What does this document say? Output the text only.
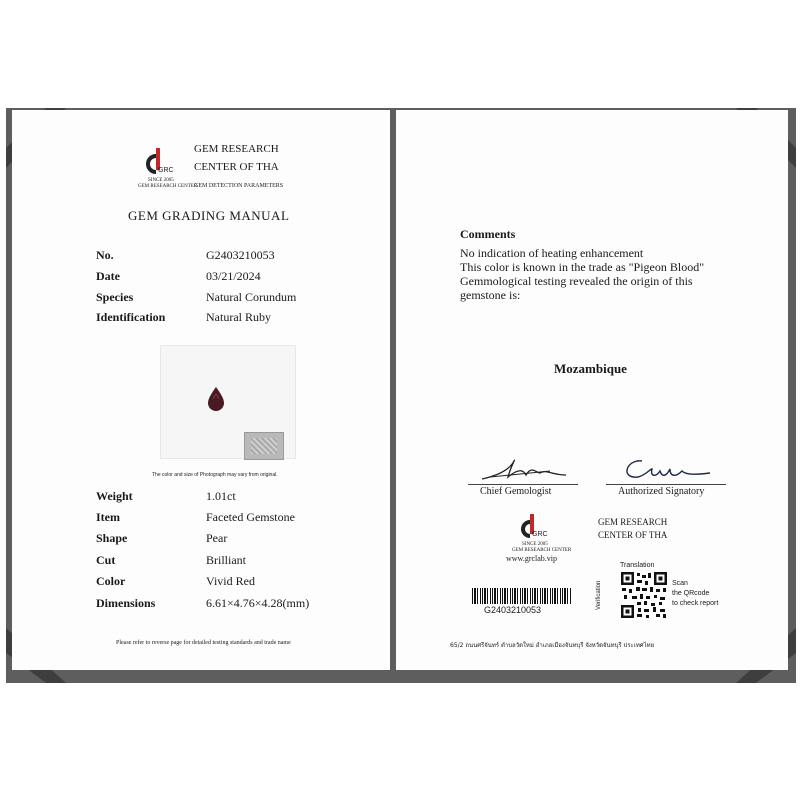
GRC
SINCE 2005
GEM RESEARCH CENTER
GEM RESEARCH
CENTER OF THA
GEM DETECTION PARAMETERS
GEM GRADING MANUAL
No.	G2403210053
Date	03/21/2024
Species	Natural Corundum
Identification	Natural Ruby
The color and size of Photograph may vary from original.
Weight	1.01ct
Item	Faceted Gemstone
Shape	Pear
Cut	Brilliant
Color	Vivid Red
Dimensions	6.61×4.76×4.28(mm)
Please refer to reverse page for detailed testing standards and trade name
Comments
No indication of heating enhancement
This color is known in the trade as "Pigeon Blood"
Gemmological testing revealed the origin of this
gemstone is:
Mozambique
Chief Gemologist	Authorized Signatory
GRC
SINCE 2005
GEM RESEARCH CENTER
www.grclab.vip
GEM RESEARCH
CENTER OF THA
G2403210053
Translation
Verification	Scan
the QRcode
to check report
65/2 ถนนศรีจันทร์ ตำบลวัดใหม่ อำเภอเมืองจันทบุรี จังหวัดจันทบุรี ประเทศไทย
